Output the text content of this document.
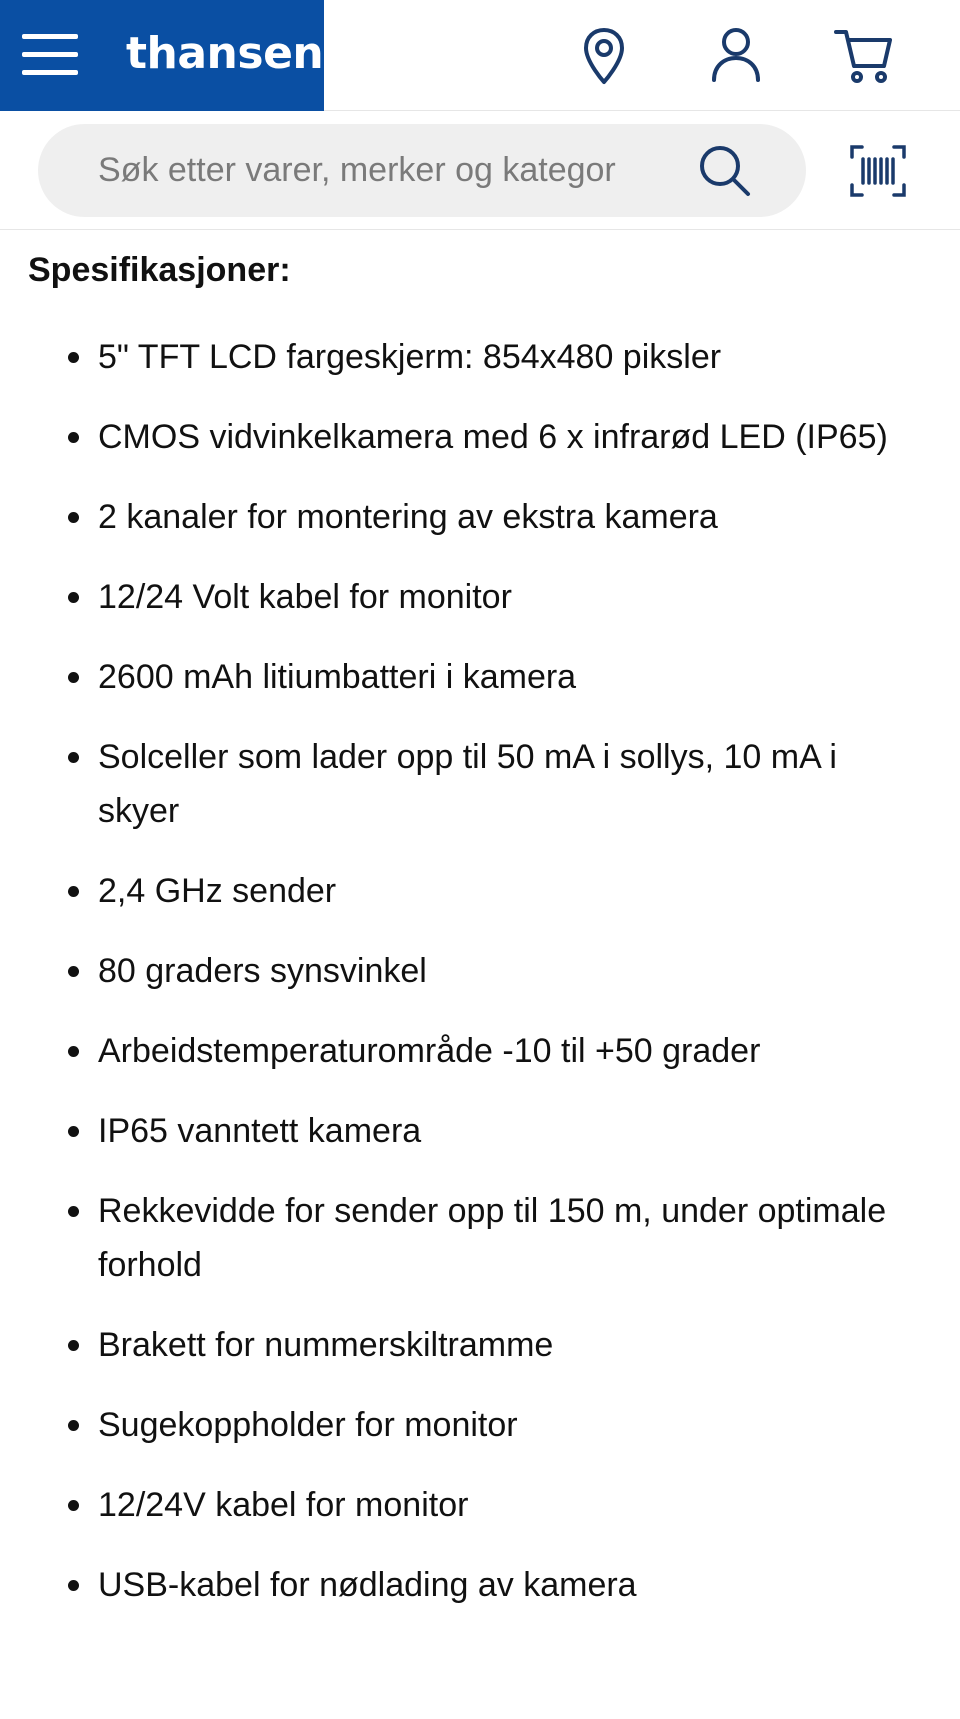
thansen
Søk etter varer, merker og kategor
Spesifikasjoner:
5" TFT LCD fargeskjerm: 854x480 piksler
CMOS vidvinkelkamera med 6 x infrarød LED (IP65)
2 kanaler for montering av ekstra kamera
12/24 Volt kabel for monitor
2600 mAh litiumbatteri i kamera
Solceller som lader opp til 50 mA i sollys, 10 mA i skyer
2,4 GHz sender
80 graders synsvinkel
Arbeidstemperaturområde -10 til +50 grader
IP65 vanntett kamera
Rekkevidde for sender opp til 150 m, under optimale forhold
Brakett for nummerskiltramme
Sugekoppholder for monitor
12/24V kabel for monitor
USB-kabel for nødlading av kamera
